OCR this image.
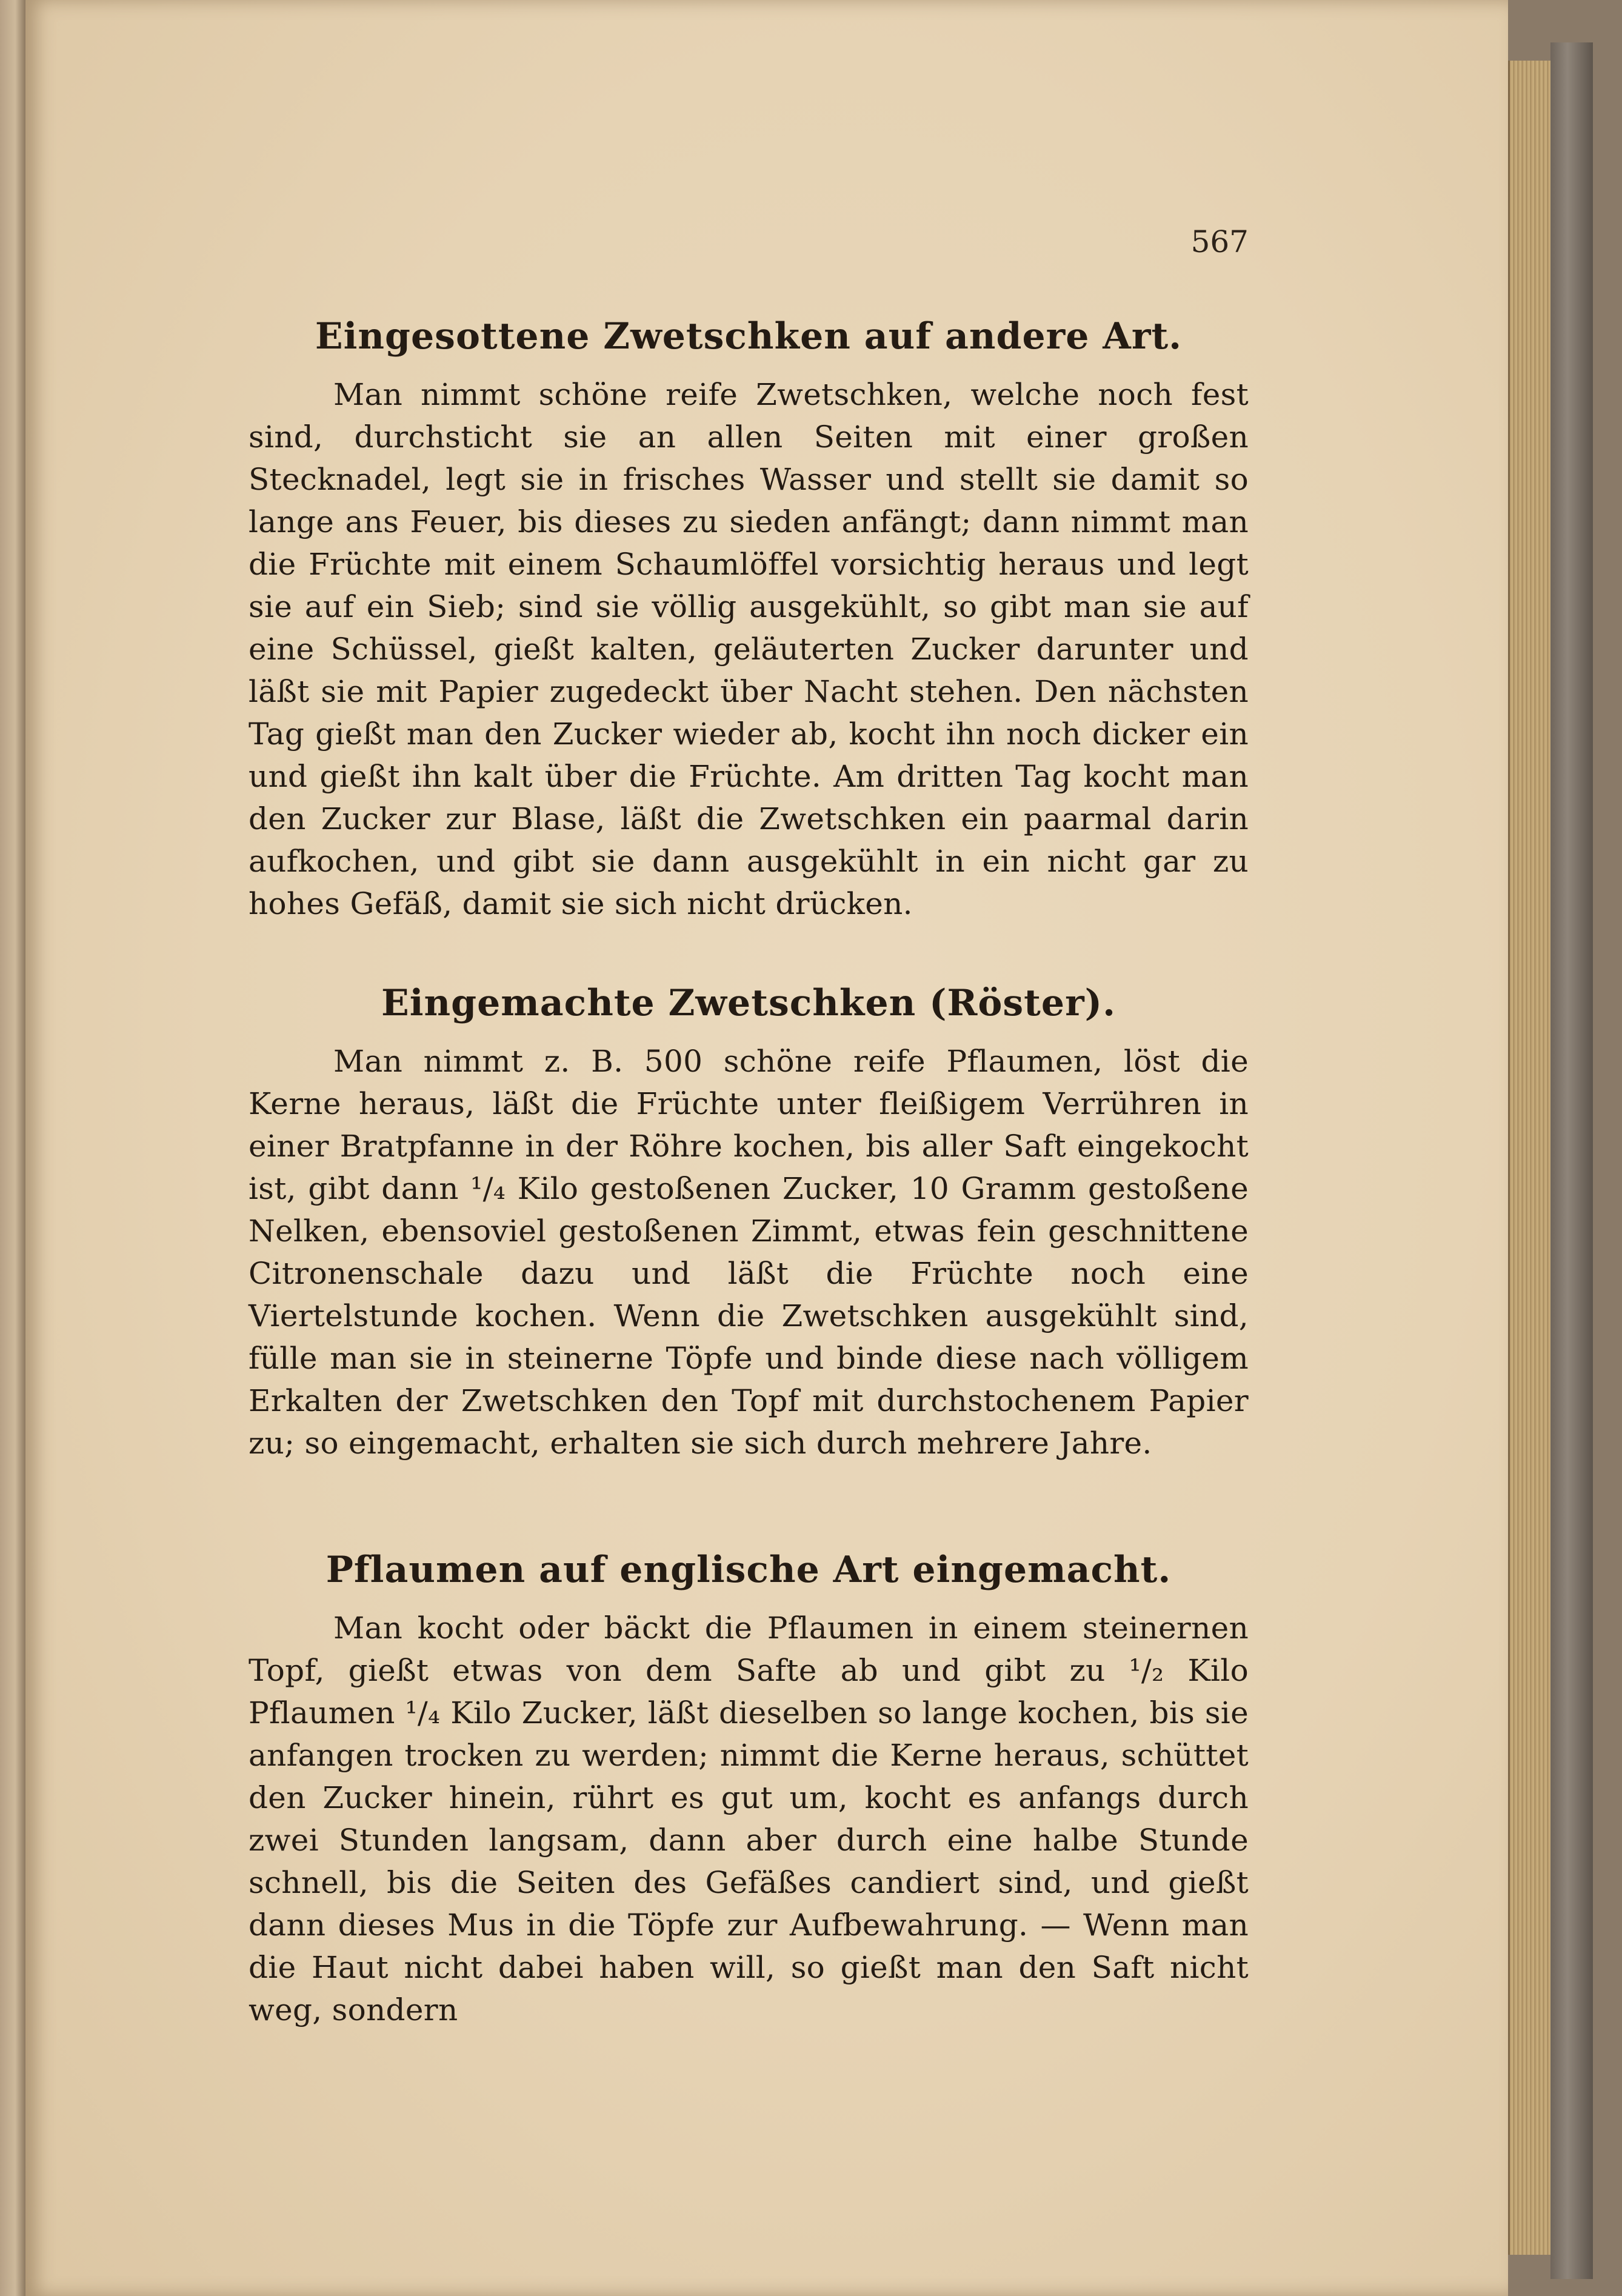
567
Eingesottene Zwetschken auf andere Art.

Man nimmt schöne reife Zwetschken, welche noch fest sind, durchsticht sie an allen Seiten mit einer großen Stecknadel, legt sie in frisches Wasser und stellt sie damit so lange ans Feuer, bis dieses zu sieden anfängt; dann nimmt man die Früchte mit einem Schaumlöffel vorsichtig heraus und legt sie auf ein Sieb; sind sie völlig ausgekühlt, so gibt man sie auf eine Schüssel, gießt kalten, geläuterten Zucker darunter und läßt sie mit Papier zugedeckt über Nacht stehen. Den nächsten Tag gießt man den Zucker wieder ab, kocht ihn noch dicker ein und gießt ihn kalt über die Früchte. Am dritten Tag kocht man den Zucker zur Blase, läßt die Zwetschken ein paarmal darin aufkochen, und gibt sie dann ausgekühlt in ein nicht gar zu hohes Gefäß, damit sie sich nicht drücken.

Eingemachte Zwetschken (Röster).

Man nimmt z. B. 500 schöne reife Pflaumen, löst die Kerne heraus, läßt die Früchte unter fleißigem Verrühren in einer Bratpfanne in der Röhre kochen, bis aller Saft eingekocht ist, gibt dann ¹/₄ Kilo gestoßenen Zucker, 10 Gramm gestoßene Nelken, ebensoviel gestoßenen Zimmt, etwas fein geschnittene Citronenschale dazu und läßt die Früchte noch eine Viertelstunde kochen. Wenn die Zwetschken ausgekühlt sind, fülle man sie in steinerne Töpfe und binde diese nach völligem Erkalten der Zwetschken den Topf mit durchstochenem Papier zu; so eingemacht, erhalten sie sich durch mehrere Jahre.

Pflaumen auf englische Art eingemacht.

Man kocht oder bäckt die Pflaumen in einem steinernen Topf, gießt etwas von dem Safte ab und gibt zu ¹/₂ Kilo Pflaumen ¹/₄ Kilo Zucker, läßt dieselben so lange kochen, bis sie anfangen trocken zu werden; nimmt die Kerne heraus, schüttet den Zucker hinein, rührt es gut um, kocht es anfangs durch zwei Stunden langsam, dann aber durch eine halbe Stunde schnell, bis die Seiten des Gefäßes candiert sind, und gießt dann dieses Mus in die Töpfe zur Aufbewahrung. — Wenn man die Haut nicht dabei haben will, so gießt man den Saft nicht weg, sondern
